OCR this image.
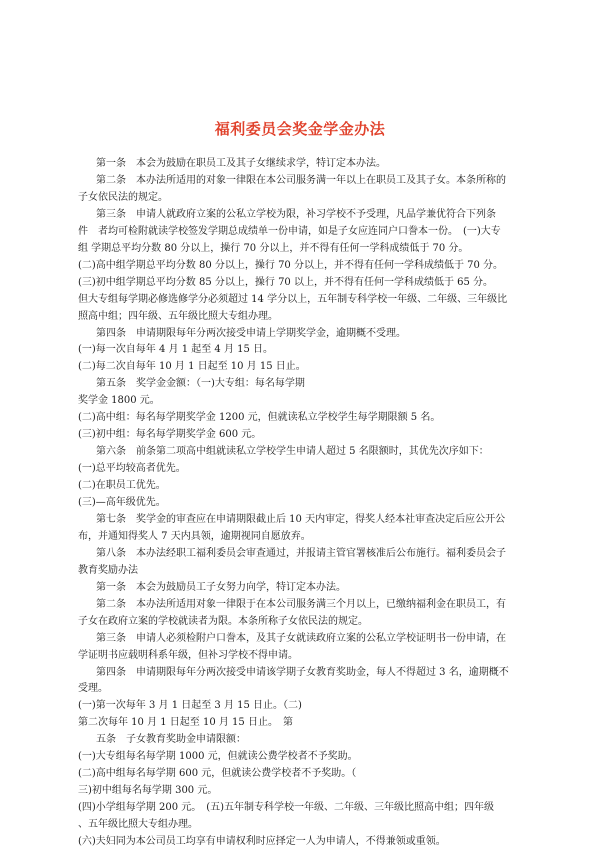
福利委员会奖金学金办法
第一条　本会为鼓励在职员工及其子女继续求学，特订定本办法。
第二条　本办法所适用的对象一律限在本公司服务满一年以上在职员工及其子女。本条所称的
子女依民法的规定。
第三条　申请人就政府立案的公私立学校为限，补习学校不予受理，凡品学兼优符合下列条
件　者均可检附就读学校签发学期总成绩单一份申请，如是子女应连同户口誊本一份。　(一)大专
组 学期总平均分数 80 分以上，操行 70 分以上，并不得有任何一学科成绩低于 70 分。
(二)高中组学期总平均分数 80 分以上，操行 70 分以上，并不得有任何一学科成绩低于 70 分。
(三)初中组学期总平均分数 85 分以上，操行 70 以上，并不得有任何一学科成绩低于 65 分。
但大专组每学期必修选修学分必须超过 14 学分以上，五年制专科学校一年级、二年级、三年级比
照高中组；四年级、五年级比照大专组办理。
第四条　申请期限每年分两次接受申请上学期奖学金，逾期概不受理。
(一)每一次自每年 4 月 1 起至 4 月 15 日。
(二)每二次自每年 10 月 1 日起至 10 月 15 日止。
第五条　奖学金金额：（一)大专组：每名每学期
奖学金 1800 元。
(二)高中组：每名每学期奖学金 1200 元，但就读私立学校学生每学期限额 5 名。
(三)初中组：每名每学期奖学金 600 元。
第六条　前条第二项高中组就读私立学校学生申请人超过 5 名限额时，其优先次序如下：
(一)总平均较高者优先。
(二)在职员工优先。
(三)—高年级优先。
第七条　奖学金的审查应在申请期限截止后 10 天内审定，得奖人经本社审查决定后应公开公
布，并通知得奖人 7 天内具领，逾期视同自愿放弃。
第八条　本办法经职工福利委员会审查通过，并报请主管官署核准后公布施行。福利委员会子
教育奖励办法
第一条　本会为鼓励员工子女努力向学，特订定本办法。
第二条　本办法所适用对象一律限于在本公司服务满三个月以上，已缴纳福利金在职员工，有
子女在政府立案的学校就读者为限。本条所称子女依民法的规定。
第三条　申请人必须检附户口誊本，及其子女就读政府立案的公私立学校证明书一份申请，在
学证明书应载明科系年级，但补习学校不得申请。
第四条　申请期限每年分两次接受申请该学期子女教育奖助金，每人不得超过 3 名，逾期概不
受理。
(一)第一次每年 3 月 1 日起至 3 月 15 日止。（二)
第二次每年 10 月 1 日起至 10 月 15 日止。　第
五条　子女教育奖助金申请限额：
(一)大专组每名每学期 1000 元，但就读公费学校者不予奖助。
(二)高中组每名每学期 600 元，但就读公费学校者不予奖助。（
三)初中组每名每学期 300 元。
(四)小学组每学期 200 元。　(五)五年制专科学校一年级、二年级、三年级比照高中组；四年级
、五年级比照大专组办理。
(六)夫妇同为本公司员工均享有申请权利时应择定一人为申请人，不得兼领或重领。
